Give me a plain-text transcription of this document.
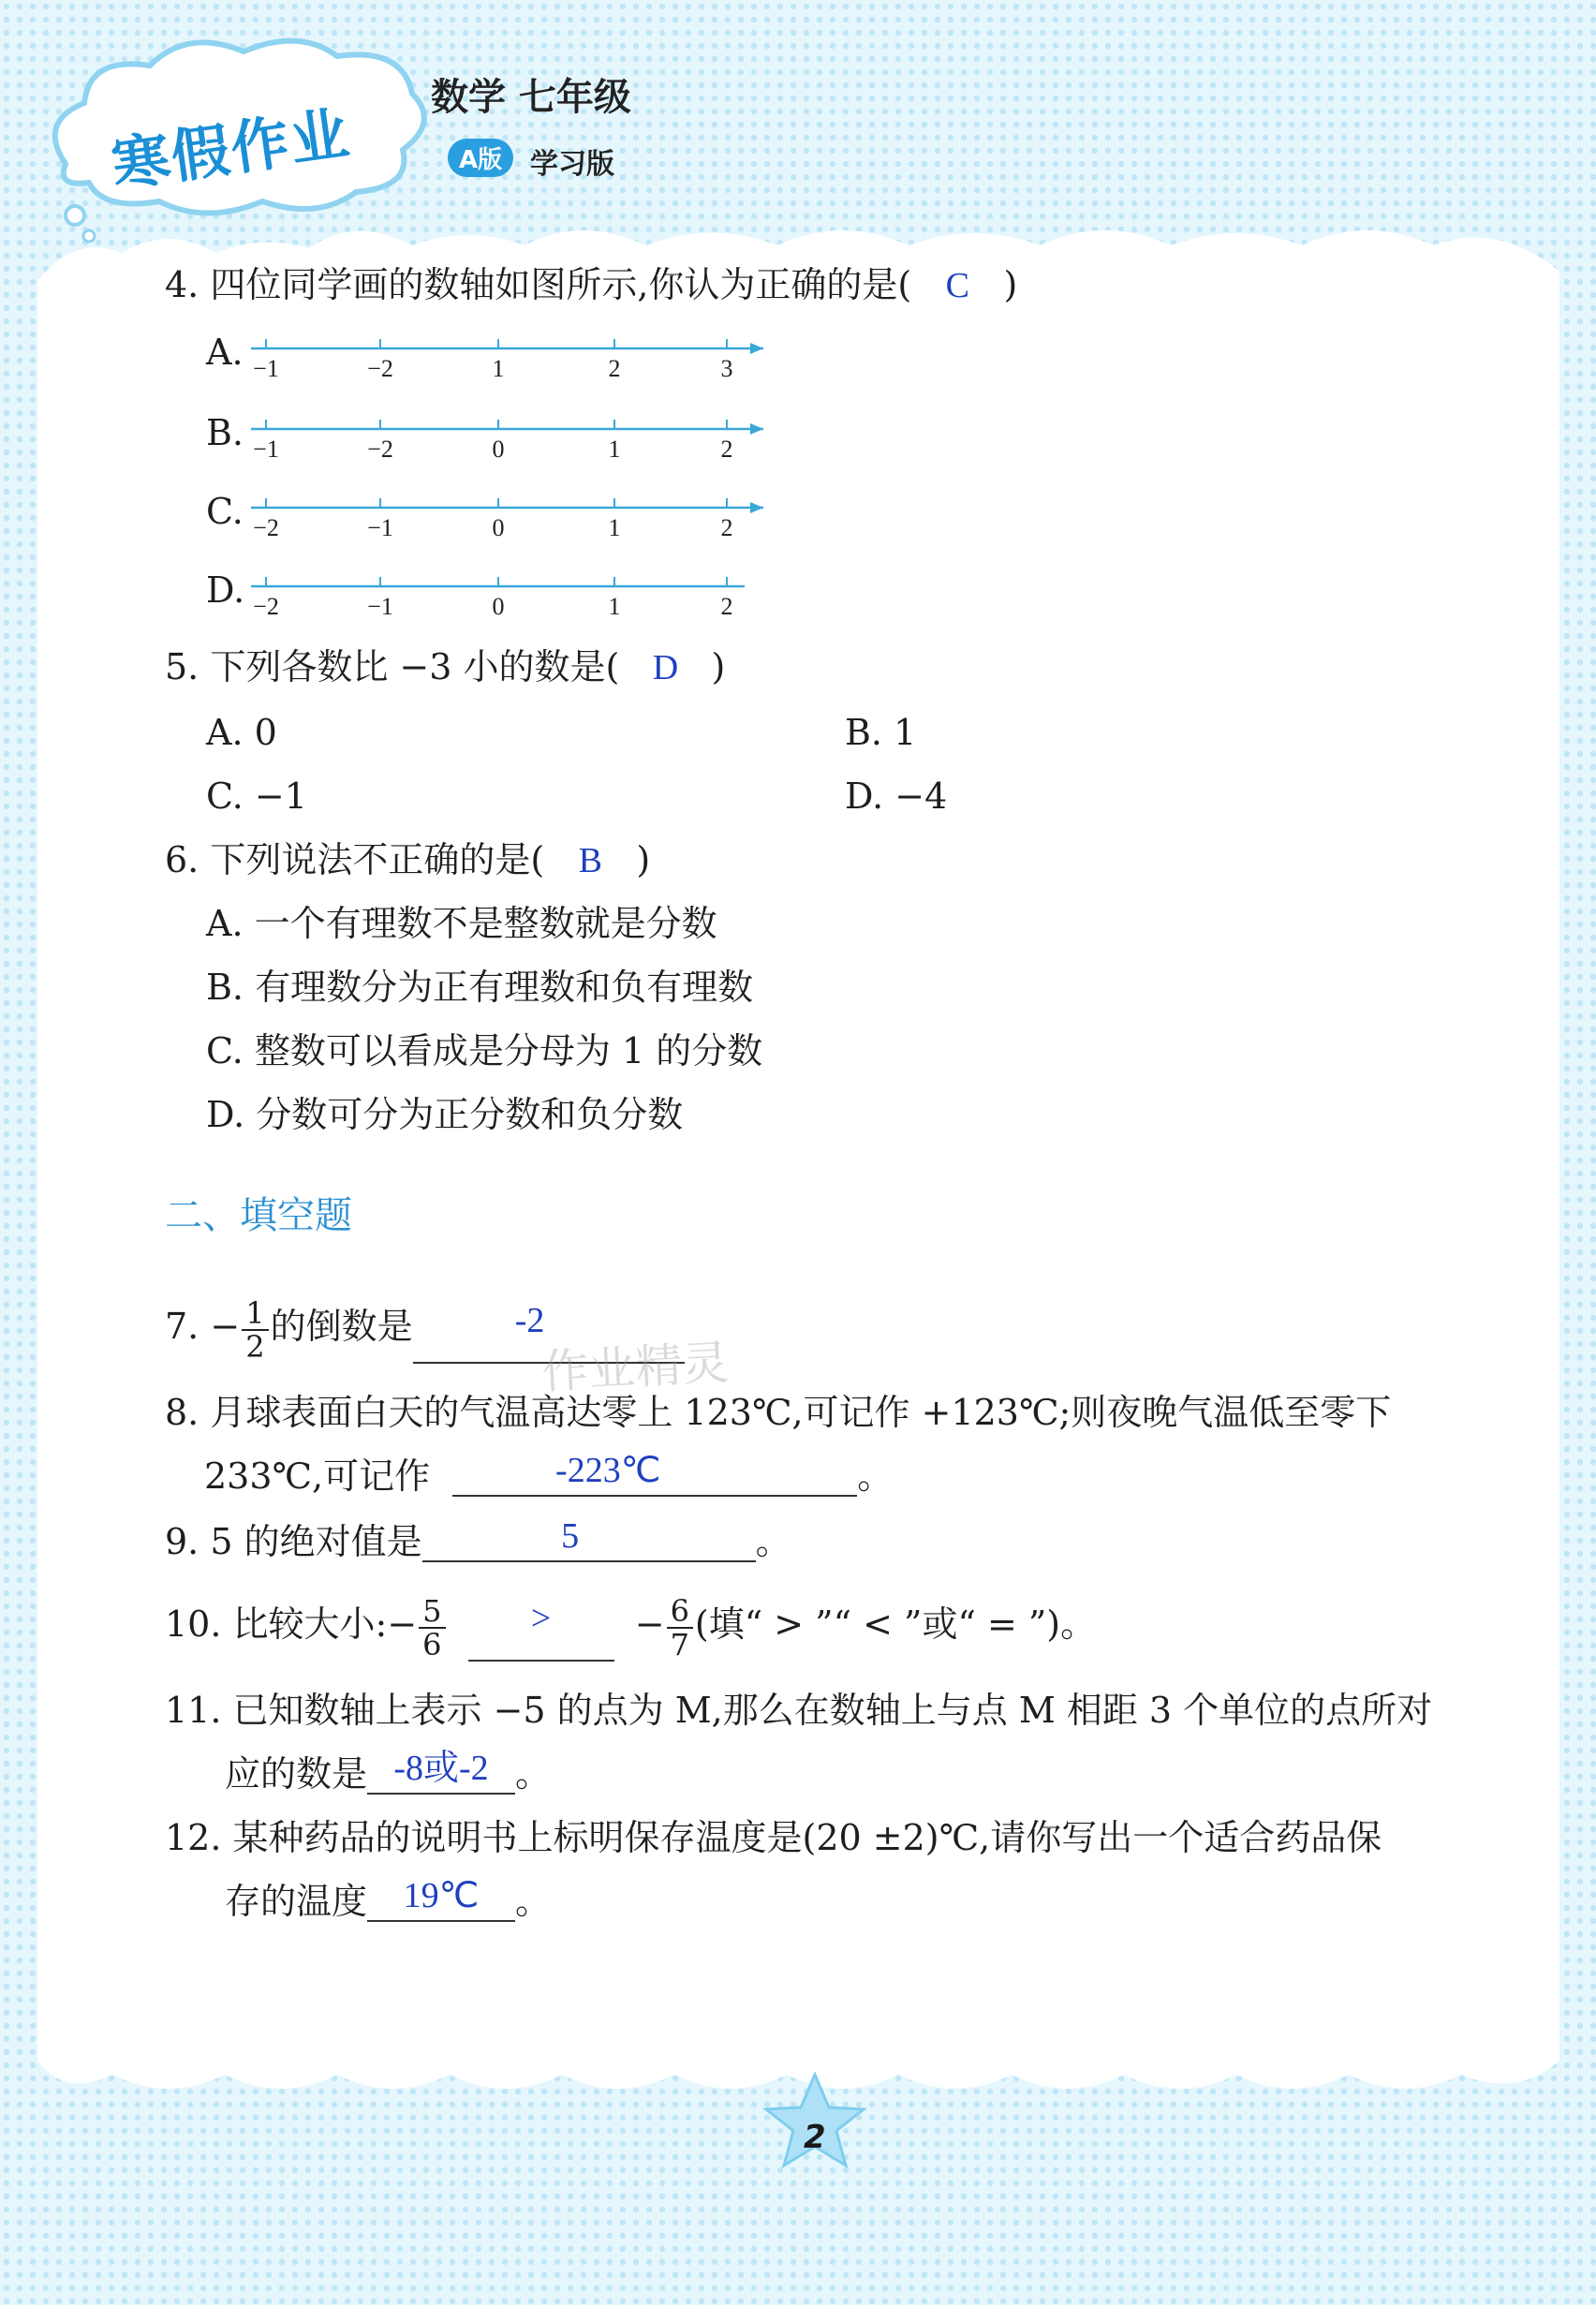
寒假作业
数学 七年级
A版 学习版
4. 四位同学画的数轴如图所示,你认为正确的是( C )
A. −1	−2	1	2	3
B. −1	−2	0	1	2
C. −2	−1	0	1	2
D. −2	−1	0	1	2
5. 下列各数比 −3 小的数是( D )
A. 0	B. 1
C. −1	D. −4
6. 下列说法不正确的是( B )
A. 一个有理数不是整数就是分数
B. 有理数分为正有理数和负有理数
C. 整数可以看成是分母为 1 的分数
D. 分数可分为正分数和负分数
二、填空题
7. − $\frac{1}{2}$ 的倒数是	-2
8. 月球表面白天的气温高达零上 123℃,可记作 +123℃;则夜晚气温低至零下
233℃,可记作	-223℃	。
9. 5 的绝对值是	5	。
10. 比较大小:− $\frac{5}{6}$
	>	− $\frac{6}{7}$ (填“ > ”“ < ”或“ = ”)。
11. 已知数轴上表示 −5 的点为 M,那么在数轴上与点 M 相距 3 个单位的点所对
应的数是 -8或-2 。
12. 某种药品的说明书上标明保存温度是(20 ±2)℃,请你写出一个适合药品保
存的温度	19℃	。
作业精灵
2
